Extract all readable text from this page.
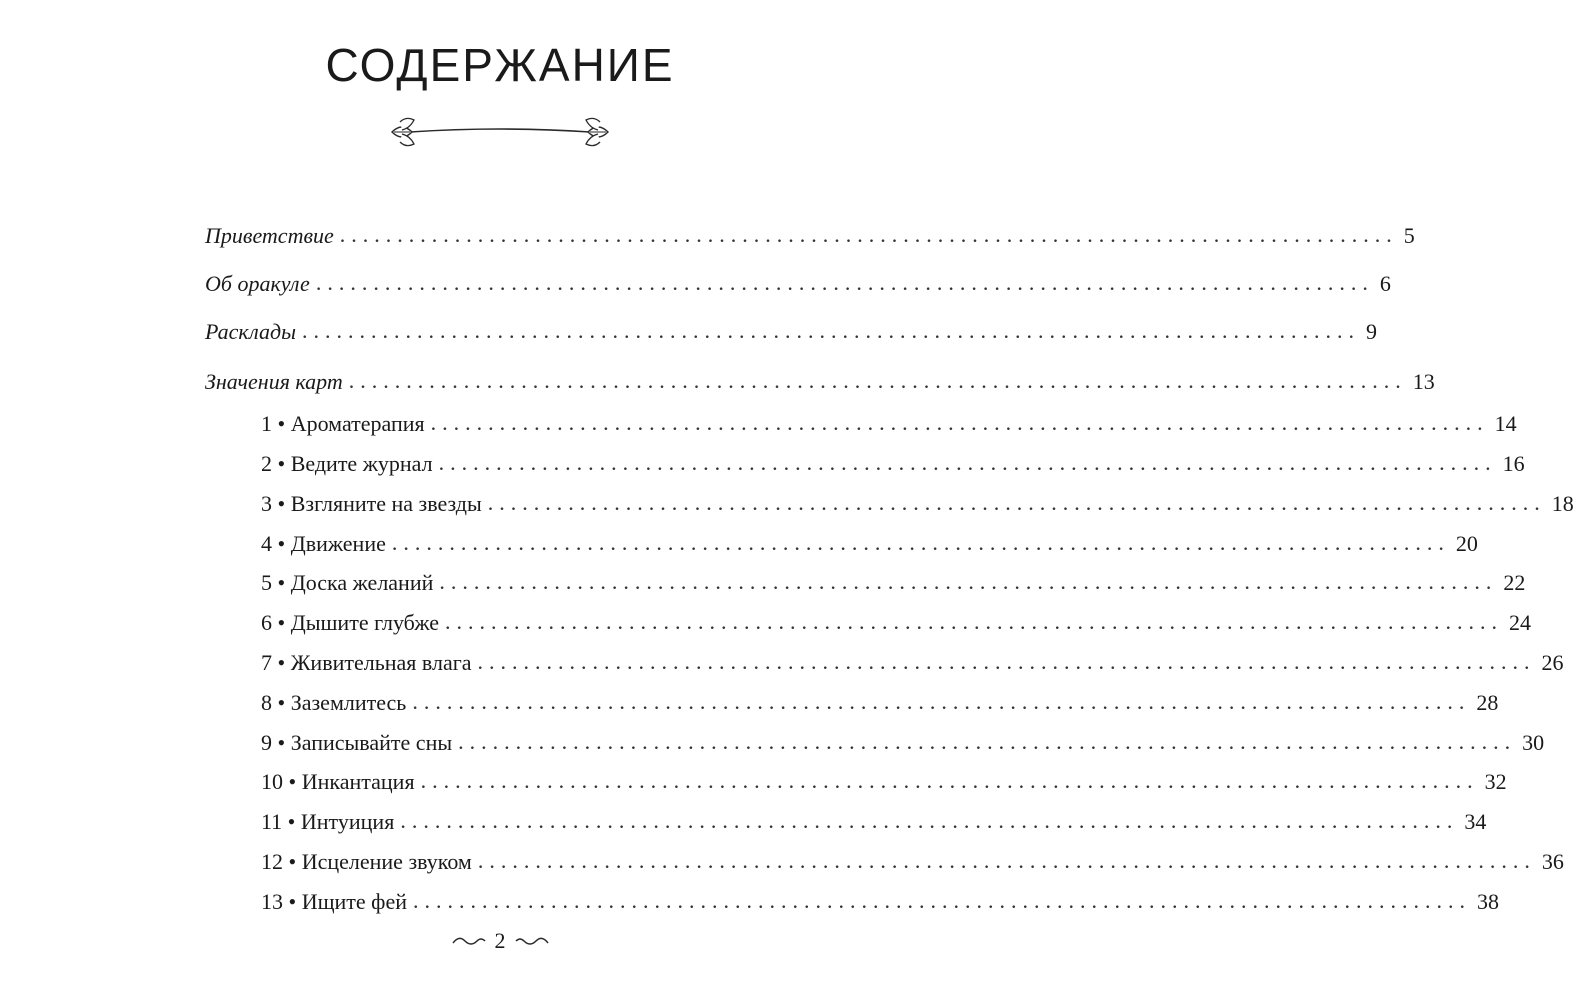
СОДЕРЖАНИЕ
Приветствие ............................................................................................ 5
Об оракуле ............................................................................................ 6
Расклады ............................................................................................ 9
Значения карт ............................................................................................ 13
1 • Ароматерапия ............................................................................................ 14
2 • Ведите журнал ............................................................................................ 16
3 • Взгляните на звезды ............................................................................................ 18
4 • Движение ............................................................................................ 20
5 • Доска желаний ............................................................................................ 22
6 • Дышите глубже ............................................................................................ 24
7 • Живительная влага ............................................................................................ 26
8 • Заземлитесь ............................................................................................ 28
9 • Записывайте сны ............................................................................................ 30
10 • Инкантация ............................................................................................ 32
11 • Интуиция ............................................................................................ 34
12 • Исцеление звуком ............................................................................................ 36
13 • Ищите фей ............................................................................................ 38
2
